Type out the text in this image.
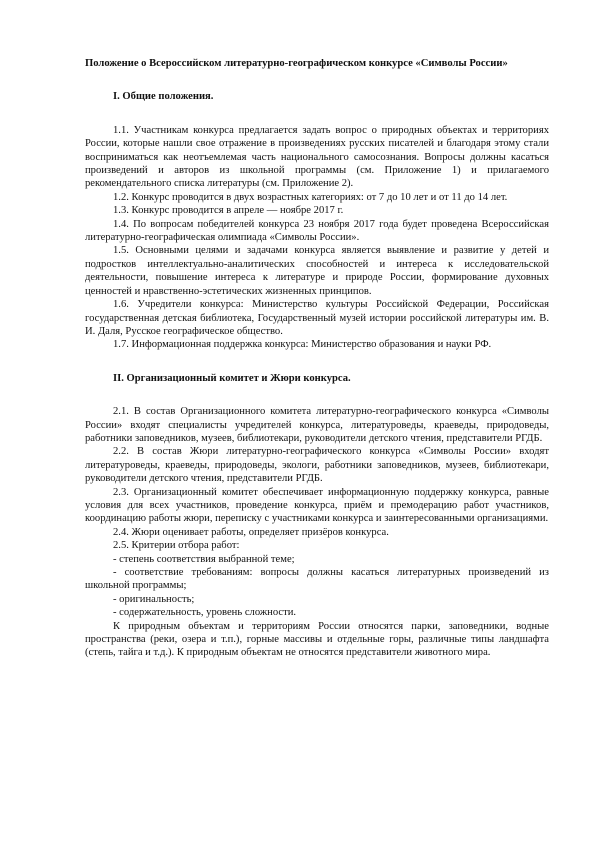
Положение о Всероссийском литературно-географическом конкурсе «Символы России»

I. Общие положения.

1.1. Участникам конкурса предлагается задать вопрос о природных объектах и территориях России, которые нашли свое отражение в произведениях русских писателей и благодаря этому стали восприниматься как неотъемлемая часть национального самосознания. Вопросы должны касаться произведений и авторов из школьной программы (см. Приложение 1) и прилагаемого рекомендательного списка литературы (см. Приложение 2).

1.2. Конкурс проводится в двух возрастных категориях: от 7 до 10 лет и от 11 до 14 лет.

1.3. Конкурс проводится в апреле — ноябре 2017 г.

1.4. По вопросам победителей конкурса 23 ноября 2017 года будет проведена Всероссийская литературно-географическая олимпиада «Символы России».

1.5. Основными целями и задачами конкурса является выявление и развитие у детей и подростков интеллектуально-аналитических способностей и интереса к исследовательской деятельности, повышение интереса к литературе и природе России, формирование духовных ценностей и нравственно-эстетических жизненных принципов.

1.6. Учредители конкурса: Министерство культуры Российской Федерации, Российская государственная детская библиотека, Государственный музей истории российской литературы им. В. И. Даля, Русское географическое общество.

1.7. Информационная поддержка конкурса: Министерство образования и науки РФ.

II. Организационный комитет и Жюри конкурса.

2.1. В состав Организационного комитета литературно-географического конкурса «Символы России» входят специалисты учредителей конкурса, литературоведы, краеведы, природоведы, работники заповедников, музеев, библиотекари, руководители детского чтения, представители РГДБ.

2.2. В состав Жюри литературно-географического конкурса «Символы России» входят литературоведы, краеведы, природоведы, экологи, работники заповедников, музеев, библиотекари, руководители детского чтения, представители РГДБ.

2.3. Организационный комитет обеспечивает информационную поддержку конкурса, равные условия для всех участников, проведение конкурса, приём и премодерацию работ участников, координацию работы жюри, переписку с участниками конкурса и заинтересованными организациями.

2.4. Жюри оценивает работы, определяет призёров конкурса.

2.5. Критерии отбора работ:

- степень соответствия выбранной теме;

- соответствие требованиям: вопросы должны касаться литературных произведений из школьной программы;

- оригинальность;

- содержательность, уровень сложности.

К природным объектам и территориям России относятся парки, заповедники, водные пространства (реки, озера и т.п.), горные массивы и отдельные горы, различные типы ландшафта (степь, тайга и т.д.). К природным объектам не относятся представители животного мира.
